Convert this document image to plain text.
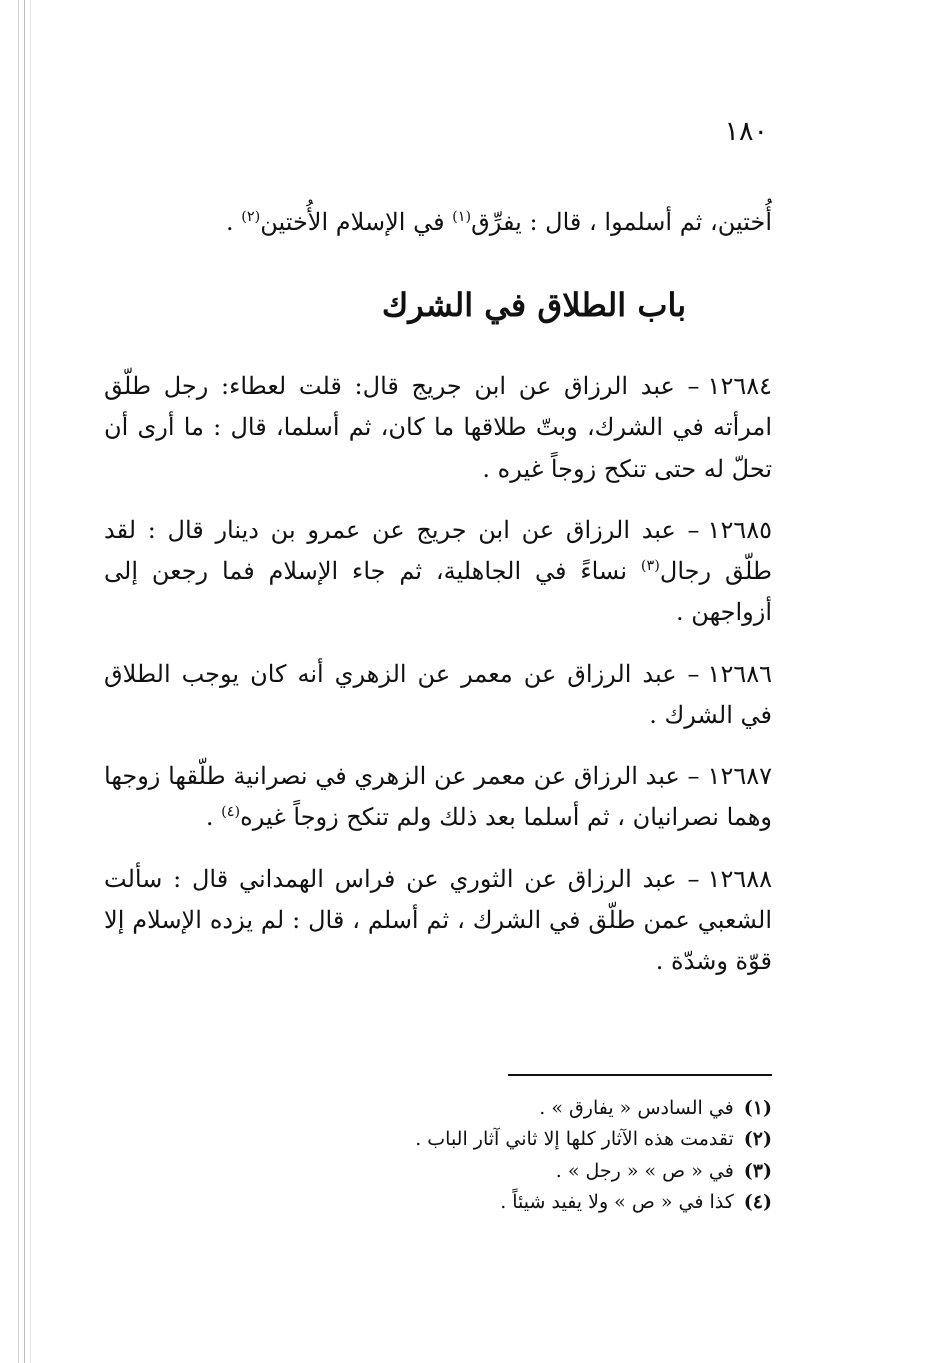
١٨٠

أُختين، ثم أسلموا ، قال : يفرِّق$^{(١)}$ في الإسلام الأُختين$^{(٢)}$ .

باب الطلاق في الشرك

١٢٦٨٤– عبد الرزاق عن ابن جريج قال: قلت لعطاء: رجل طلّق امرأته في الشرك، وبتّ طلاقها ما كان، ثم أسلما، قال : ما أرى أن تحلّ له حتى تنكح زوجاً غيره .

١٢٦٨٥– عبد الرزاق عن ابن جريج عن عمرو بن دينار قال : لقد طلّق رجال$^{(٣)}$ نساءً في الجاهلية، ثم جاء الإسلام فما رجعن إلى أزواجهن .

١٢٦٨٦– عبد الرزاق عن معمر عن الزهري أنه كان يوجب الطلاق في الشرك .

١٢٦٨٧– عبد الرزاق عن معمر عن الزهري في نصرانية طلّقها زوجها وهما نصرانيان ، ثم أسلما بعد ذلك ولم تنكح زوجاً غيره$^{(٤)}$ .

١٢٦٨٨– عبد الرزاق عن الثوري عن فراس الهمداني قال : سألت الشعبي عمن طلّق في الشرك ، ثم أسلم ، قال : لم يزده الإسلام إلا قوّة وشدّة .

(١)في السادس « يفارق » .
(٢)تقدمت هذه الآثار كلها إلا ثاني آثار الباب .
(٣)في « ص » « رجل » .
(٤)كذا في « ص » ولا يفيد شيئاً .
